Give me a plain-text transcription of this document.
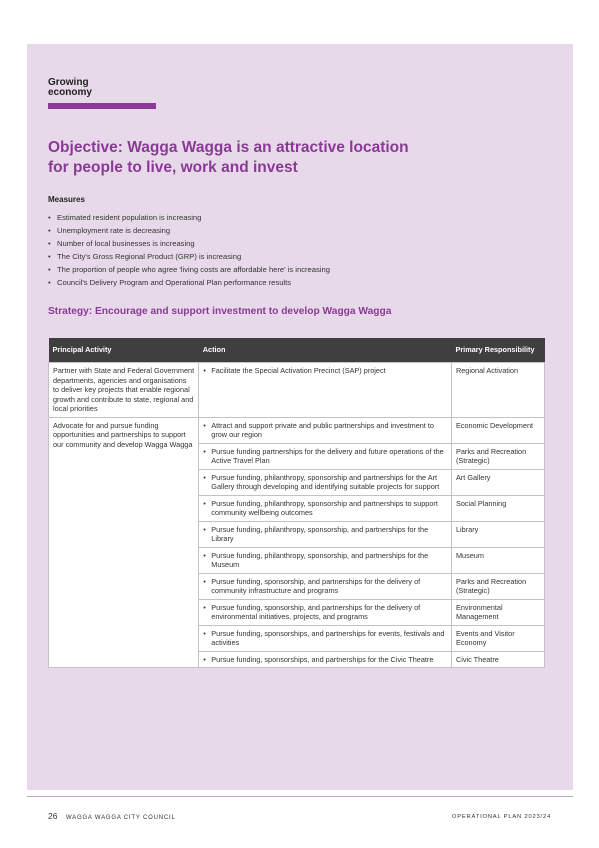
Growing
economy
Objective: Wagga Wagga is an attractive location
for people to live, work and invest
Measures
• Estimated resident population is increasing
• Unemployment rate is decreasing
• Number of local businesses is increasing
• The City's Gross Regional Product (GRP) is increasing
• The proportion of people who agree 'living costs are affordable here' is increasing
• Council's Delivery Program and Operational Plan performance results
Strategy: Encourage and support investment to develop Wagga Wagga
Principal Activity	Action	Primary Responsibility
Partner with State and Federal Government departments, agencies and organisations to deliver key projects that enable regional growth and contribute to state, regional and local priorities	• Facilitate the Special Activation Precinct (SAP) project	Regional Activation
Advocate for and pursue funding opportunities and partnerships to support our community and develop Wagga Wagga	• Attract and support private and public partnerships and investment to grow our region	Economic Development
	• Pursue funding partnerships for the delivery and future operations of the Active Travel Plan	Parks and Recreation (Strategic)
	• Pursue funding, philanthropy, sponsorship and partnerships for the Art Gallery through developing and identifying suitable projects for support	Art Gallery
	• Pursue funding, philanthropy, sponsorship and partnerships to support community wellbeing outcomes	Social Planning
	• Pursue funding, philanthropy, sponsorship, and partnerships for the Library	Library
	• Pursue funding, philanthropy, sponsorship, and partnerships for the Museum	Museum
	• Pursue funding, sponsorship, and partnerships for the delivery of community infrastructure and programs	Parks and Recreation (Strategic)
	• Pursue funding, sponsorship, and partnerships for the delivery of environmental initiatives, projects, and programs	Environmental Management
	• Pursue funding, sponsorships, and partnerships for events, festivals and activities	Events and Visitor Economy
	• Pursue funding, sponsorships, and partnerships for the Civic Theatre	Civic Theatre
26 WAGGA WAGGA CITY COUNCIL	OPERATIONAL PLAN 2023/24
